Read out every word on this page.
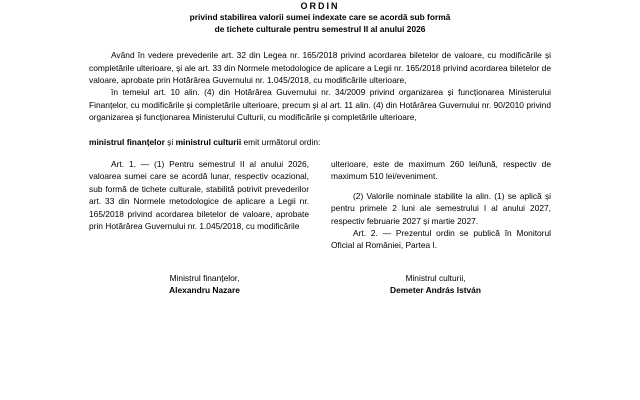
ORDIN

privind stabilirea valorii sumei indexate care se acordă sub formă

de tichete culturale pentru semestrul II al anului 2026

Având în vedere prevederile art. 32 din Legea nr. 165/2018 privind acordarea biletelor de valoare, cu modificările și completările ulterioare, și ale art. 33 din Normele metodologice de aplicare a Legii nr. 165/2018 privind acordarea biletelor de valoare, aprobate prin Hotărârea Guvernului nr. 1.045/2018, cu modificările ulterioare,

în temeiul art. 10 alin. (4) din Hotărârea Guvernului nr. 34/2009 privind organizarea și funcționarea Ministerului Finanțelor, cu modificările și completările ulterioare, precum și al art. 11 alin. (4) din Hotărârea Guvernului nr. 90/2010 privind organizarea și funcționarea Ministerului Culturii, cu modificările și completările ulterioare,

ministrul finanțelor și ministrul culturii emit următorul ordin:

Art. 1. — (1) Pentru semestrul II al anului 2026, valoarea sumei care se acordă lunar, respectiv ocazional, sub formă de tichete culturale, stabilită potrivit prevederilor art. 33 din Normele metodologice de aplicare a Legii nr. 165/2018 privind acordarea biletelor de valoare, aprobate prin Hotărârea Guvernului nr. 1.045/2018, cu modificările

ulterioare, este de maximum 260 lei/lună, respectiv de maximum 510 lei/eveniment.

(2) Valorile nominale stabilite la alin. (1) se aplică și pentru primele 2 luni ale semestrului I al anului 2027, respectiv februarie 2027 și martie 2027.

Art. 2. — Prezentul ordin se publică în Monitorul Oficial al României, Partea I.

Ministrul finanțelor,
Alexandru Nazare
Ministrul culturii,
Demeter András István
